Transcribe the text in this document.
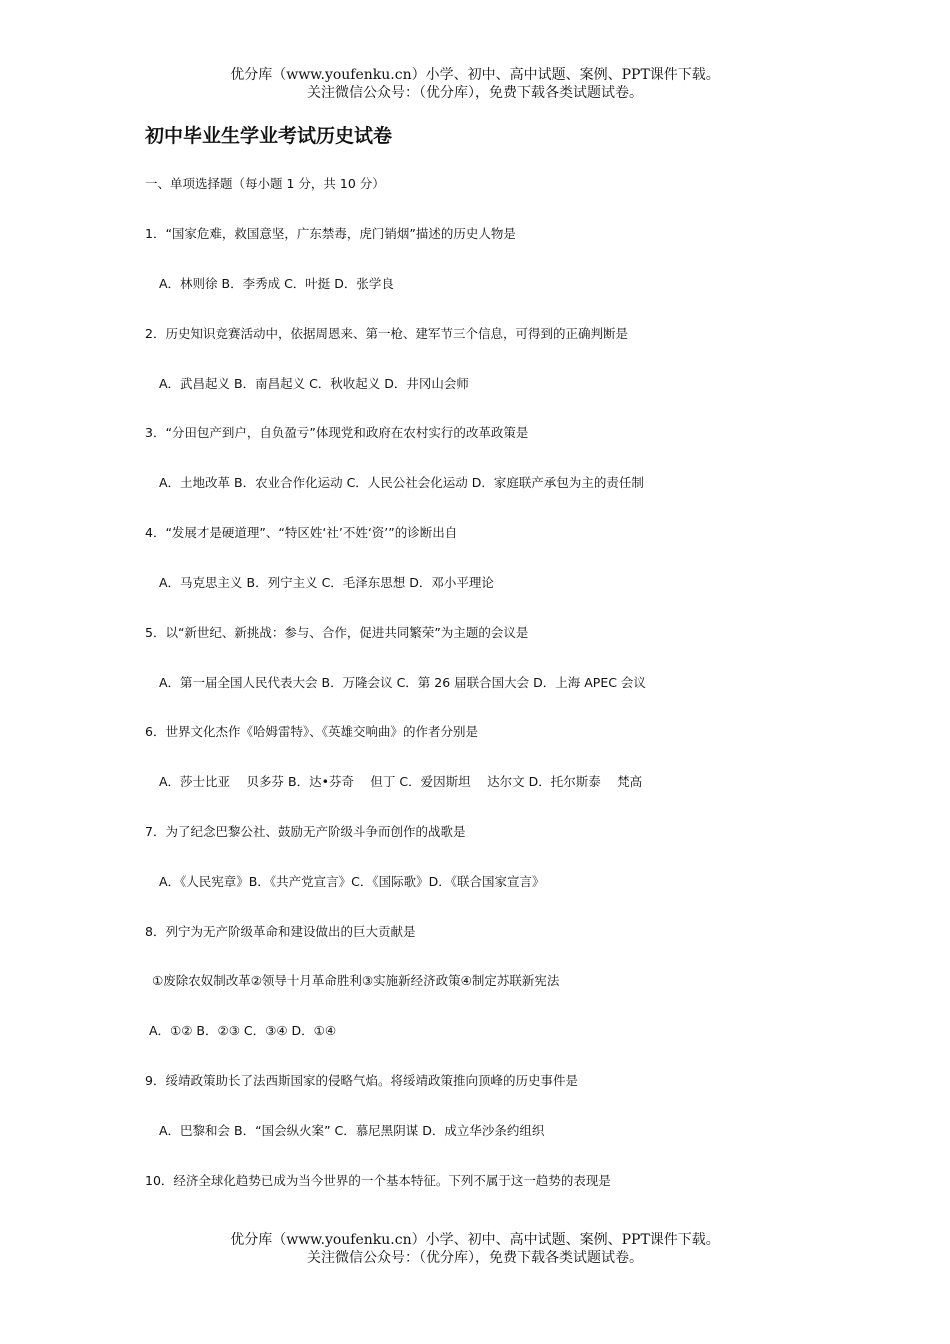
优分库（www.youfenku.cn）小学、初中、高中试题、案例、PPT课件下载。
关注微信公众号：（优分库），免费下载各类试题试卷。
初中毕业生学业考试历史试卷
一、单项选择题（每小题 1 分，共 10 分）
1．“国家危难，救国意坚，广东禁毒，虎门销烟”描述的历史人物是
A．林则徐 B．李秀成 C．叶挺 D．张学良
2．历史知识竞赛活动中，依据周恩来、第一枪、建军节三个信息，可得到的正确判断是
A．武昌起义 B．南昌起义 C．秋收起义 D．井冈山会师
3．“分田包产到户，自负盈亏”体现党和政府在农村实行的改革政策是
A．土地改革 B．农业合作化运动 C．人民公社会化运动 D．家庭联产承包为主的责任制
4．“发展才是硬道理”、“特区姓‘社’不姓‘资’”的诊断出自
A．马克思主义 B．列宁主义 C．毛泽东思想 D．邓小平理论
5．以“新世纪、新挑战：参与、合作，促进共同繁荣”为主题的会议是
A．第一届全国人民代表大会 B．万隆会议 C．第 26 届联合国大会 D．上海 APEC 会议
6．世界文化杰作《哈姆雷特》、《英雄交响曲》的作者分别是
A．莎士比亚　 贝多芬 B．达•芬奇　 但丁 C．爱因斯坦　 达尔文 D．托尔斯泰　 梵高
7．为了纪念巴黎公社、鼓励无产阶级斗争而创作的战歌是
A．《人民宪章》B．《共产党宣言》C．《国际歌》D．《联合国家宣言》
8．列宁为无产阶级革命和建设做出的巨大贡献是
①废除农奴制改革②领导十月革命胜利③实施新经济政策④制定苏联新宪法
A．①② B．②③ C．③④ D．①④
9．绥靖政策助长了法西斯国家的侵略气焰。将绥靖政策推向顶峰的历史事件是
A．巴黎和会 B．“国会纵火案” C．慕尼黑阴谋 D．成立华沙条约组织
10．经济全球化趋势已成为当今世界的一个基本特征。下列不属于这一趋势的表现是
优分库（www.youfenku.cn）小学、初中、高中试题、案例、PPT课件下载。
关注微信公众号：（优分库），免费下载各类试题试卷。
